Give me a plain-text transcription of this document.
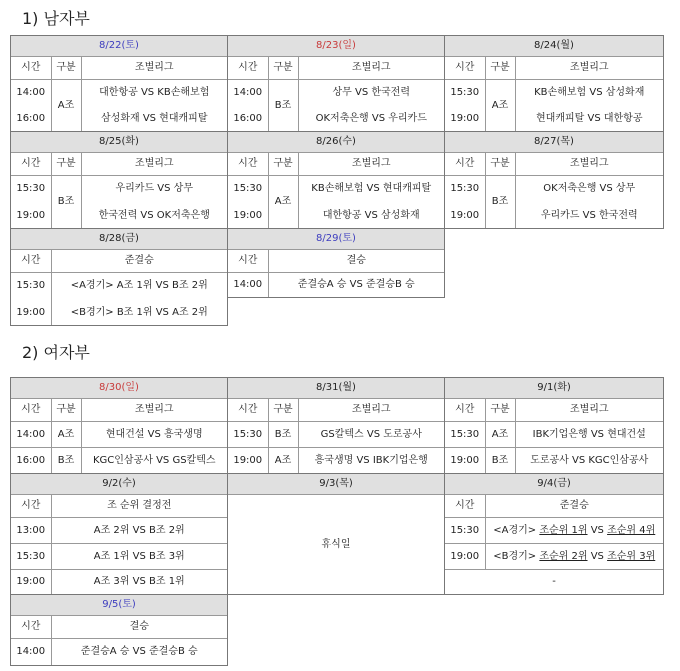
1) 남자부
8/22(토)		
시간	구분	조별리그
14:00	A조	대한항공 VS KB손해보험
16:00		삼성화재 VS 현대캐피탈
8/23(일)		
시간	구분	조별리그
14:00	B조	상무 VS 한국전력
16:00		OK저축은행 VS 우리카드
8/24(월)		
시간	구분	조별리그
15:30	A조	KB손해보험 VS 삼성화재
19:00		현대캐피탈 VS 대한항공
8/25(화)		
시간	구분	조별리그
15:30	B조	우리카드 VS 상무
19:00		한국전력 VS OK저축은행
8/26(수)		
시간	구분	조별리그
15:30	A조	KB손해보험 VS 현대캐피탈
19:00		대한항공 VS 삼성화재
8/27(목)		
시간	구분	조별리그
15:30	B조	OK저축은행 VS 상무
19:00		우리카드 VS 한국전력
8/28(금)	
시간	준결승
15:30	<A경기> A조 1위 VS B조 2위
19:00	<B경기> B조 1위 VS A조 2위
8/29(토)	
시간	결승
14:00	준결승A 승 VS 준결승B 승
2) 여자부
8/30(일)		
시간	구분	조별리그
14:00	A조	현대건설 VS 흥국생명
16:00	B조	KGC인삼공사 VS GS칼텍스
8/31(월)		
시간	구분	조별리그
15:30	B조	GS칼텍스 VS 도로공사
19:00	A조	흥국생명 VS IBK기업은행
9/1(화)		
시간	구분	조별리그
15:30	A조	IBK기업은행 VS 현대건설
19:00	B조	도로공사 VS KGC인삼공사
9/2(수)	
시간	조 순위 결정전
13:00	A조 2위 VS B조 2위
15:30	A조 1위 VS B조 3위
19:00	A조 3위 VS B조 1위
9/3(목)
휴식일
9/4(금)	
시간	준결승
15:30	<A경기> 조순위 1위 VS 조순위 4위
19:00	<B경기> 조순위 2위 VS 조순위 3위
-	
9/5(토)	
시간	결승
14:00	준결승A 승 VS 준결승B 승
